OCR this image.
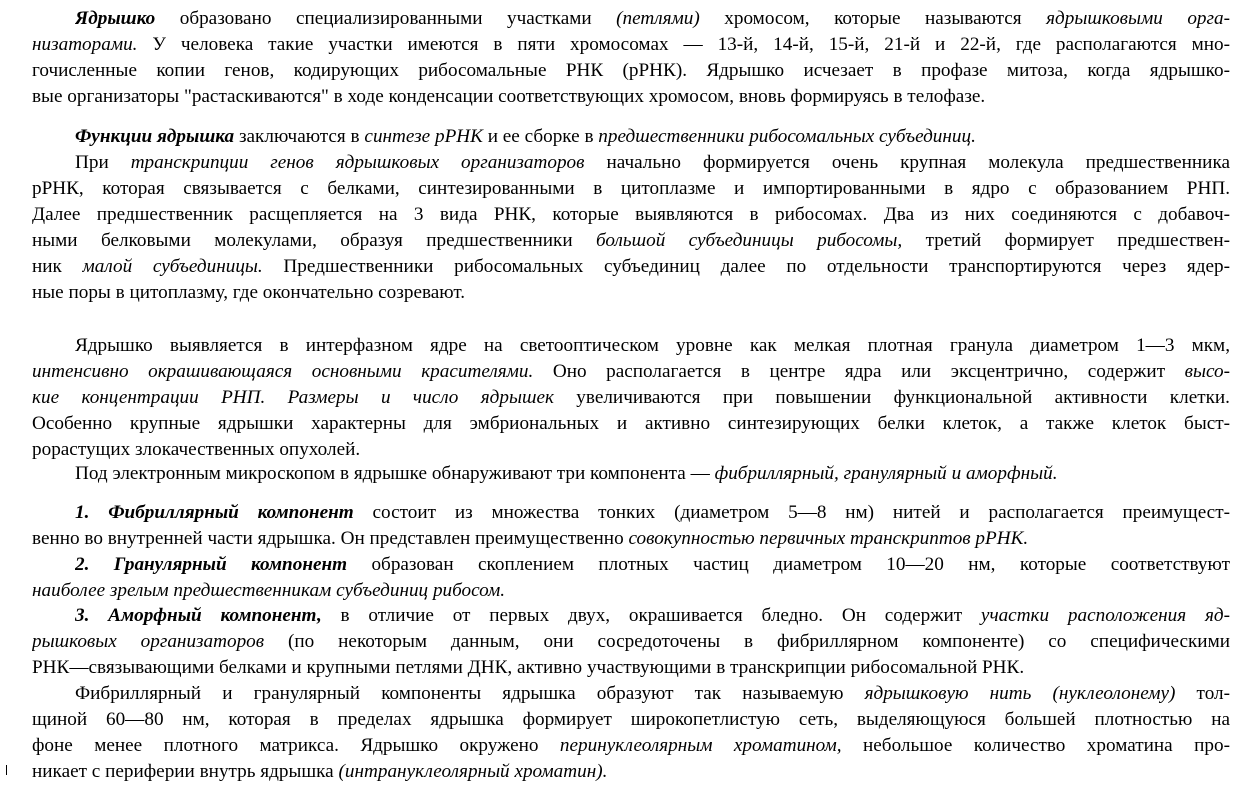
Ядрышко образовано специализированными участками (петлями) хромосом, которые называются ядрышковыми орга-
низаторами. У человека такие участки имеются в пяти хромосомах — 13-й, 14-й, 15-й, 21-й и 22-й, где располагаются мно-
гочисленные копии генов, кодирующих рибосомальные РНК (рРНК). Ядрышко исчезает в профазе митоза, когда ядрышко-
вые организаторы "растаскиваются" в ходе конденсации соответствующих хромосом, вновь формируясь в телофазе.
Функции ядрышка заключаются в синтезе рРНК и ее сборке в предшественники рибосомальных субъединиц.
При транскрипции генов ядрышковых организаторов начально формируется очень крупная молекула предшественника
рРНК, которая связывается с белками, синтезированными в цитоплазме и импортированными в ядро с образованием РНП.
Далее предшественник расщепляется на 3 вида РНК, которые выявляются в рибосомах. Два из них соединяются с добавоч-
ными белковыми молекулами, образуя предшественники большой субъединицы рибосомы, третий формирует предшествен-
ник малой субъединицы. Предшественники рибосомальных субъединиц далее по отдельности транспортируются через ядер-
ные поры в цитоплазму, где окончательно созревают.
Ядрышко выявляется в интерфазном ядре на светооптическом уровне как мелкая плотная гранула диаметром 1—3 мкм,
интенсивно окрашивающаяся основными красителями. Оно располагается в центре ядра или эксцентрично, содержит высо-
кие концентрации РНП. Размеры и число ядрышек увеличиваются при повышении функциональной активности клетки.
Особенно крупные ядрышки характерны для эмбриональных и активно синтезирующих белки клеток, а также клеток быст-
рорастущих злокачественных опухолей.
Под электронным микроскопом в ядрышке обнаруживают три компонента — фибриллярный, гранулярный и аморфный.
1. Фибриллярный компонент состоит из множества тонких (диаметром 5—8 нм) нитей и располагается преимущест-
венно во внутренней части ядрышка. Он представлен преимущественно совокупностью первичных транскриптов рРНК.
2. Гранулярный компонент образован скоплением плотных частиц диаметром 10—20 нм, которые соответствуют
наиболее зрелым предшественникам субъединиц рибосом.
3. Аморфный компонент, в отличие от первых двух, окрашивается бледно. Он содержит участки расположения яд-
рышковых организаторов (по некоторым данным, они сосредоточены в фибриллярном компоненте) со специфическими
РНК—связывающими белками и крупными петлями ДНК, активно участвующими в транскрипции рибосомальной РНК.
Фибриллярный и гранулярный компоненты ядрышка образуют так называемую ядрышковую нить (нуклеолонему) тол-
щиной 60—80 нм, которая в пределах ядрышка формирует широкопетлистую сеть, выделяющуюся большей плотностью на
фоне менее плотного матрикса. Ядрышко окружено перинуклеолярным хроматином, небольшое количество хроматина про-
никает с периферии внутрь ядрышка (интрануклеолярный хроматин).
